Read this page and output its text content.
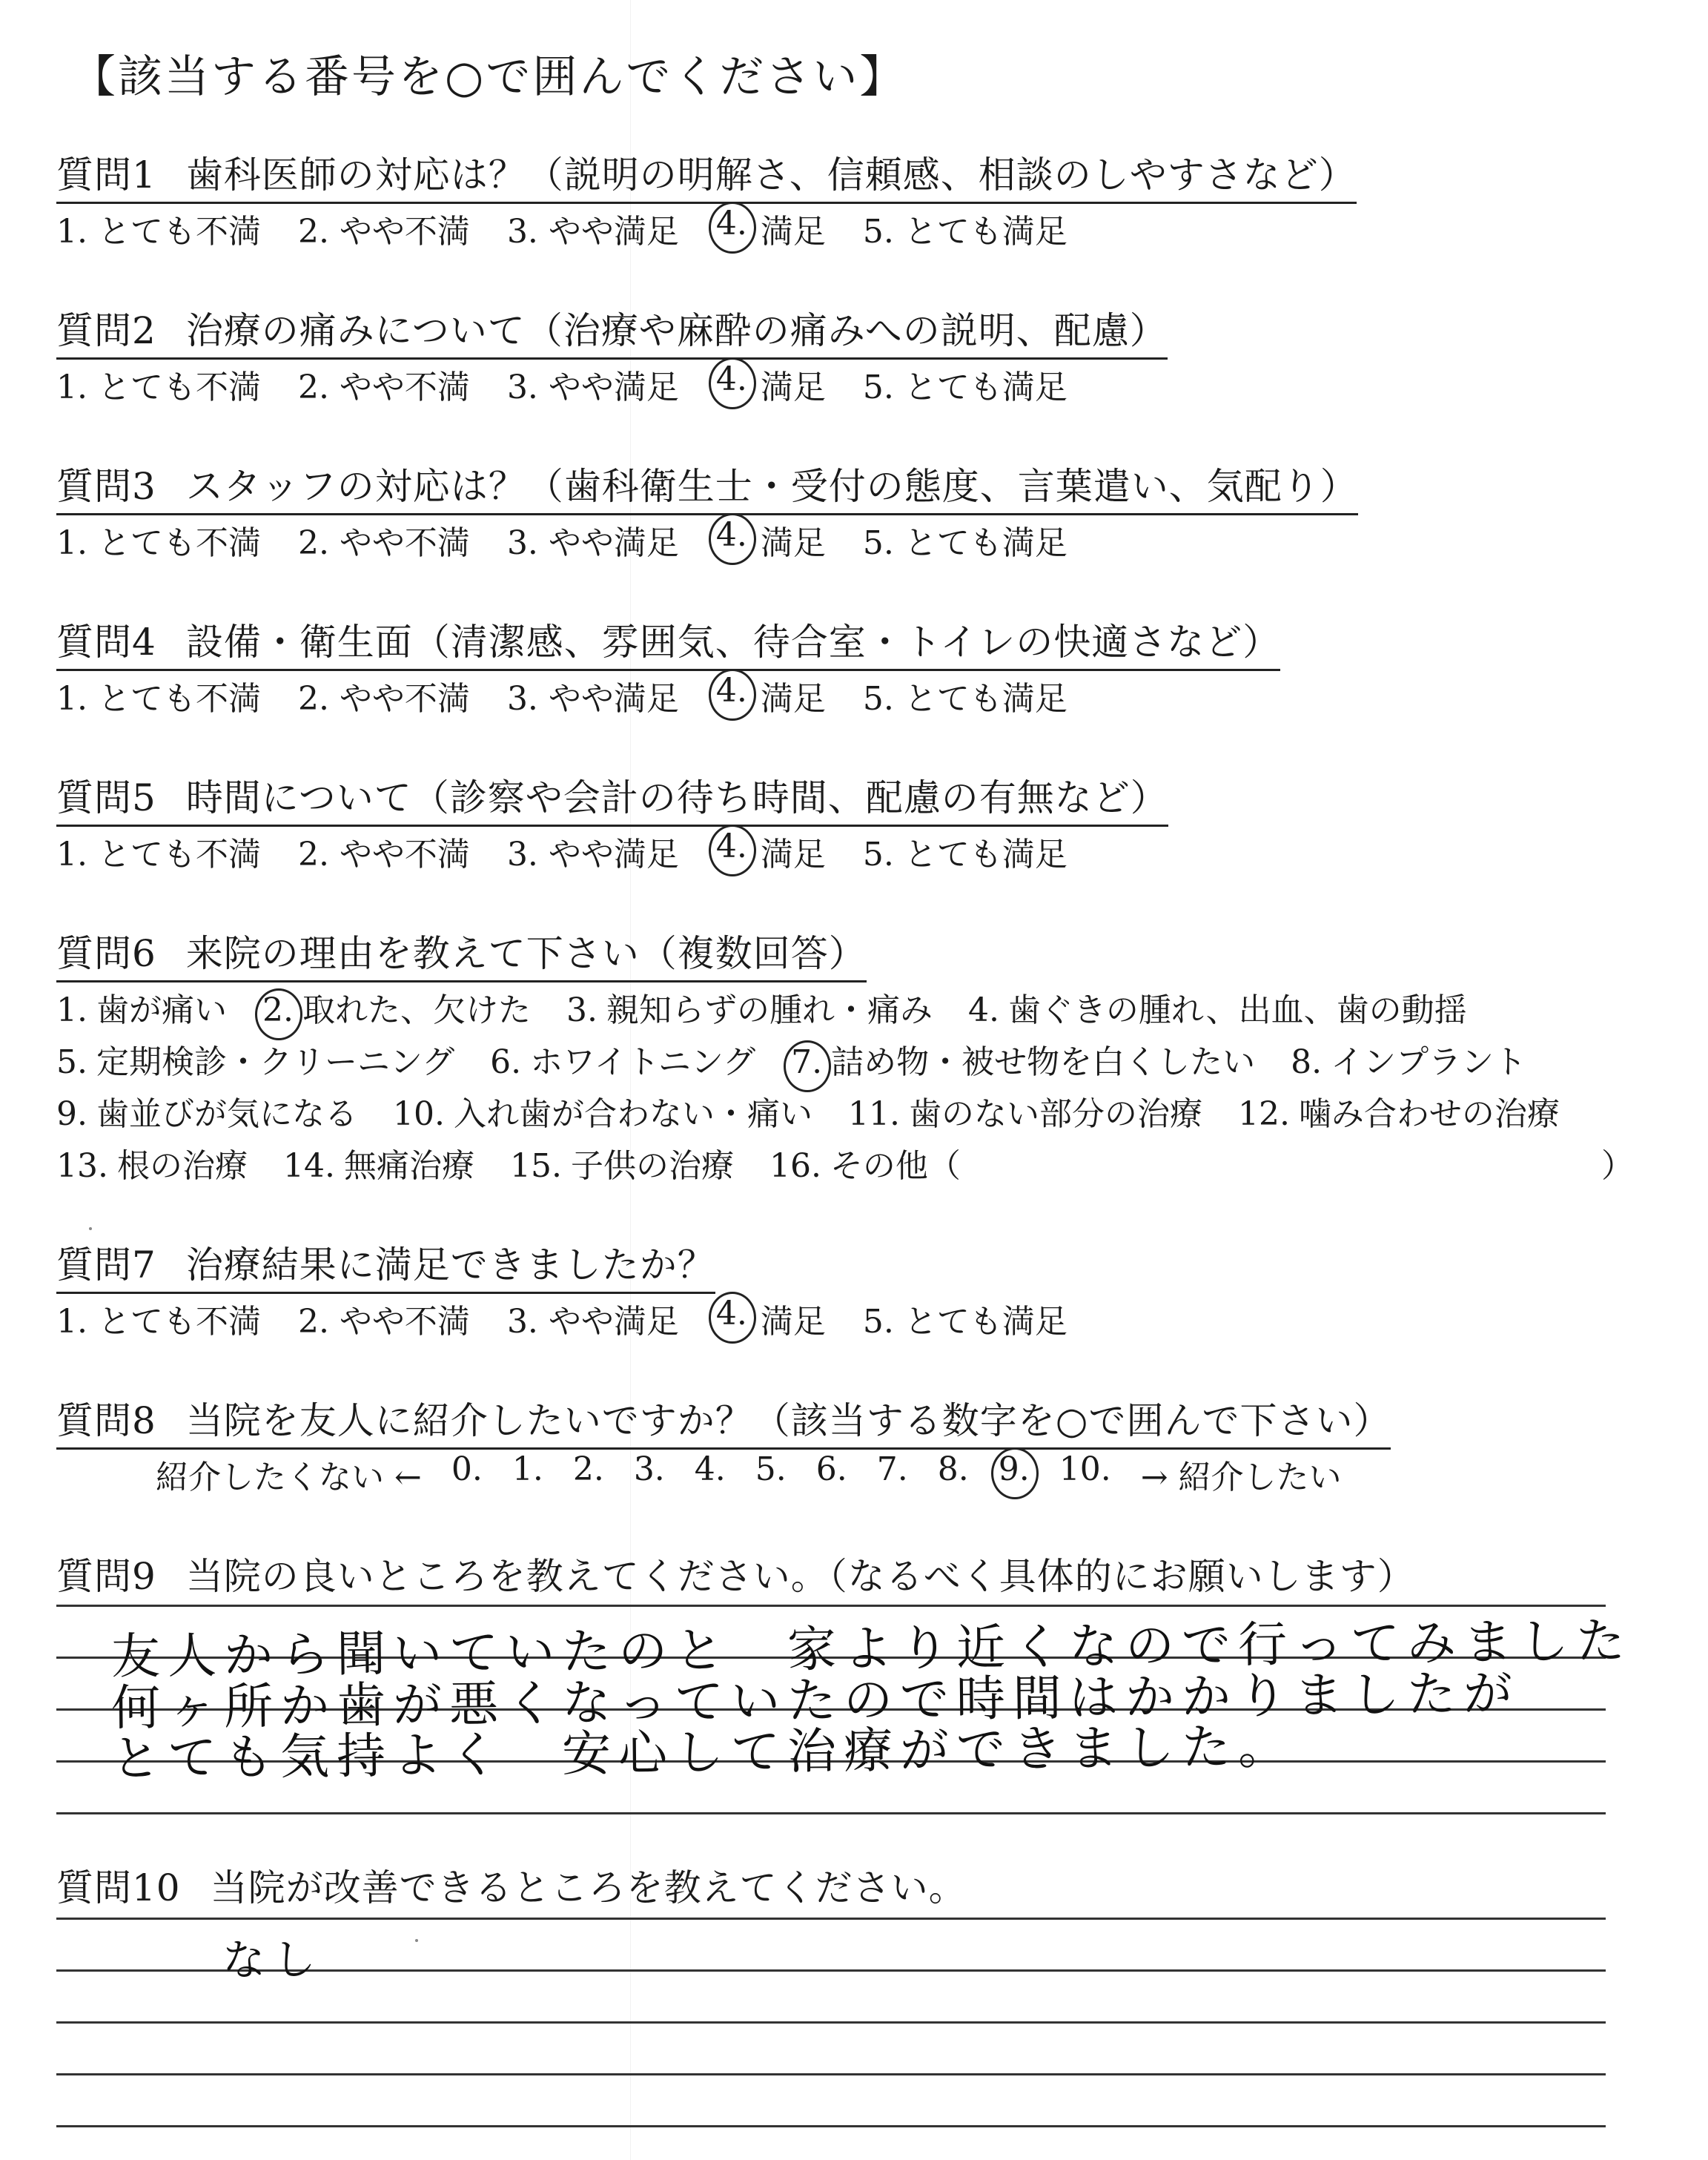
【該当する番号を○で囲んでください】
質問1 歯科医師の対応は？（説明の明解さ、信頼感、相談のしやすさなど）
1. とても不満 2. やや不満 3. やや満足 4. 満足 5. とても満足
質問2 治療の痛みについて（治療や麻酔の痛みへの説明、配慮）
1. とても不満 2. やや不満 3. やや満足 4. 満足 5. とても満足
質問3 スタッフの対応は？（歯科衛生士・受付の態度、言葉遣い、気配り）
1. とても不満 2. やや不満 3. やや満足 4. 満足 5. とても満足
質問4 設備・衛生面（清潔感、雰囲気、待合室・トイレの快適さなど）
1. とても不満 2. やや不満 3. やや満足 4. 満足 5. とても満足
質問5 時間について（診察や会計の待ち時間、配慮の有無など）
1. とても不満 2. やや不満 3. やや満足 4. 満足 5. とても満足
質問6 来院の理由を教えて下さい（複数回答）
1. 歯が痛い 2. 取れた、欠けた 3. 親知らずの腫れ・痛み 4. 歯ぐきの腫れ、出血、歯の動揺
5. 定期検診・クリーニング 6. ホワイトニング 7. 詰め物・被せ物を白くしたい 8. インプラント
9. 歯並びが気になる 10. 入れ歯が合わない・痛い 11. 歯のない部分の治療 12. 噛み合わせの治療
13. 根の治療 14. 無痛治療 15. 子供の治療 16. その他（	）
質問7 治療結果に満足できましたか？
1. とても不満 2. やや不満 3. やや満足 4. 満足 5. とても満足
質問8 当院を友人に紹介したいですか？（該当する数字を○で囲んで下さい）
紹介したくない ← 0. 1. 2. 3. 4. 5. 6. 7. 8. 9. 10. → 紹介したい
質問9 当院の良いところを教えてください。（なるべく具体的にお願いします）
友人から聞いていたのと　家より近くなので行ってみました
何ヶ所か歯が悪くなっていたので時間はかかりましたが
とても気持よく　安心して治療ができました。
質問10 当院が改善できるところを教えてください。
なし
